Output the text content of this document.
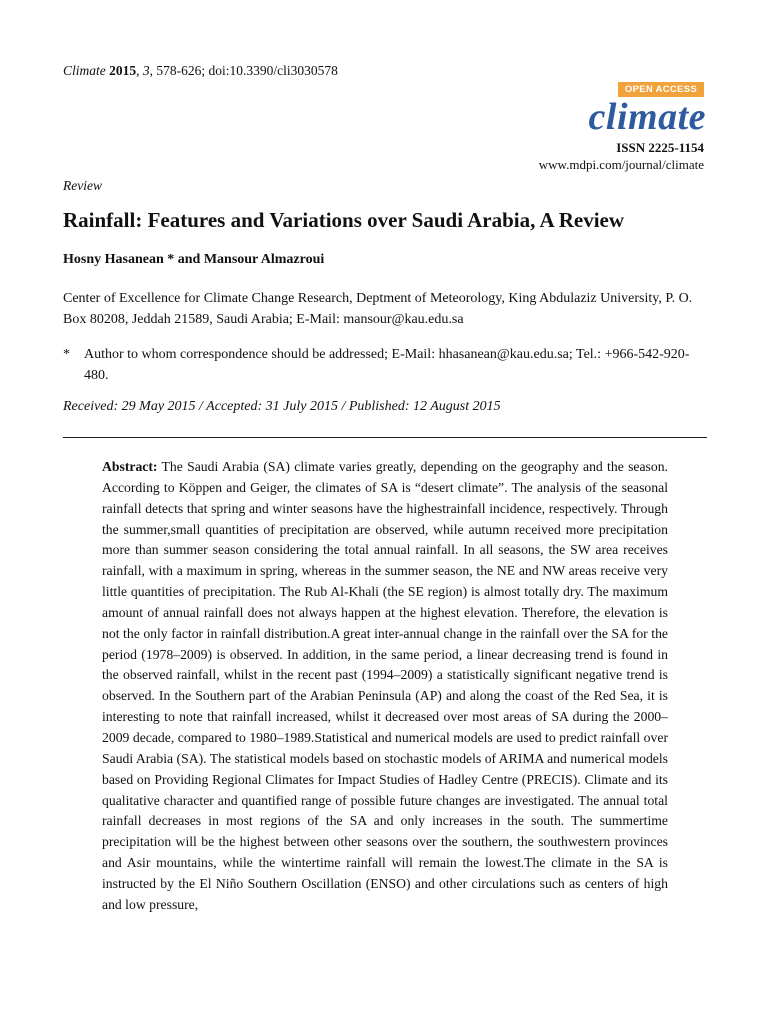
Climate 2015, 3, 578-626; doi:10.3390/cli3030578

OPEN ACCESS
climate
ISSN 2225-1154
www.mdpi.com/journal/climate
Review
Rainfall: Features and Variations over Saudi Arabia, A Review
Hosny Hasanean * and Mansour Almazroui
Center of Excellence for Climate Change Research, Deptment of Meteorology, King Abdulaziz University, P. O. Box 80208, Jeddah 21589, Saudi Arabia; E-Mail: mansour@kau.edu.sa
* Author to whom correspondence should be addressed; E-Mail: hhasanean@kau.edu.sa; Tel.: +966-542-920-480.
Received: 29 May 2015 / Accepted: 31 July 2015 / Published: 12 August 2015

Abstract: The Saudi Arabia (SA) climate varies greatly, depending on the geography and the season. According to Köppen and Geiger, the climates of SA is “desert climate”. The analysis of the seasonal rainfall detects that spring and winter seasons have the highestrainfall incidence, respectively. Through the summer,small quantities of precipitation are observed, while autumn received more precipitation more than summer season considering the total annual rainfall. In all seasons, the SW area receives rainfall, with a maximum in spring, whereas in the summer season, the NE and NW areas receive very little quantities of precipitation. The Rub Al-Khali (the SE region) is almost totally dry. The maximum amount of annual rainfall does not always happen at the highest elevation. Therefore, the elevation is not the only factor in rainfall distribution.A great inter-annual change in the rainfall over the SA for the period (1978–2009) is observed. In addition, in the same period, a linear decreasing trend is found in the observed rainfall, whilst in the recent past (1994–2009) a statistically significant negative trend is observed. In the Southern part of the Arabian Peninsula (AP) and along the coast of the Red Sea, it is interesting to note that rainfall increased, whilst it decreased over most areas of SA during the 2000–2009 decade, compared to 1980–1989.Statistical and numerical models are used to predict rainfall over Saudi Arabia (SA). The statistical models based on stochastic models of ARIMA and numerical models based on Providing Regional Climates for Impact Studies of Hadley Centre (PRECIS). Climate and its qualitative character and quantified range of possible future changes are investigated. The annual total rainfall decreases in most regions of the SA and only increases in the south. The summertime precipitation will be the highest between other seasons over the southern, the southwestern provinces and Asir mountains, while the wintertime rainfall will remain the lowest.The climate in the SA is instructed by the El Niño Southern Oscillation (ENSO) and other circulations such as centers of high and low pressure,
